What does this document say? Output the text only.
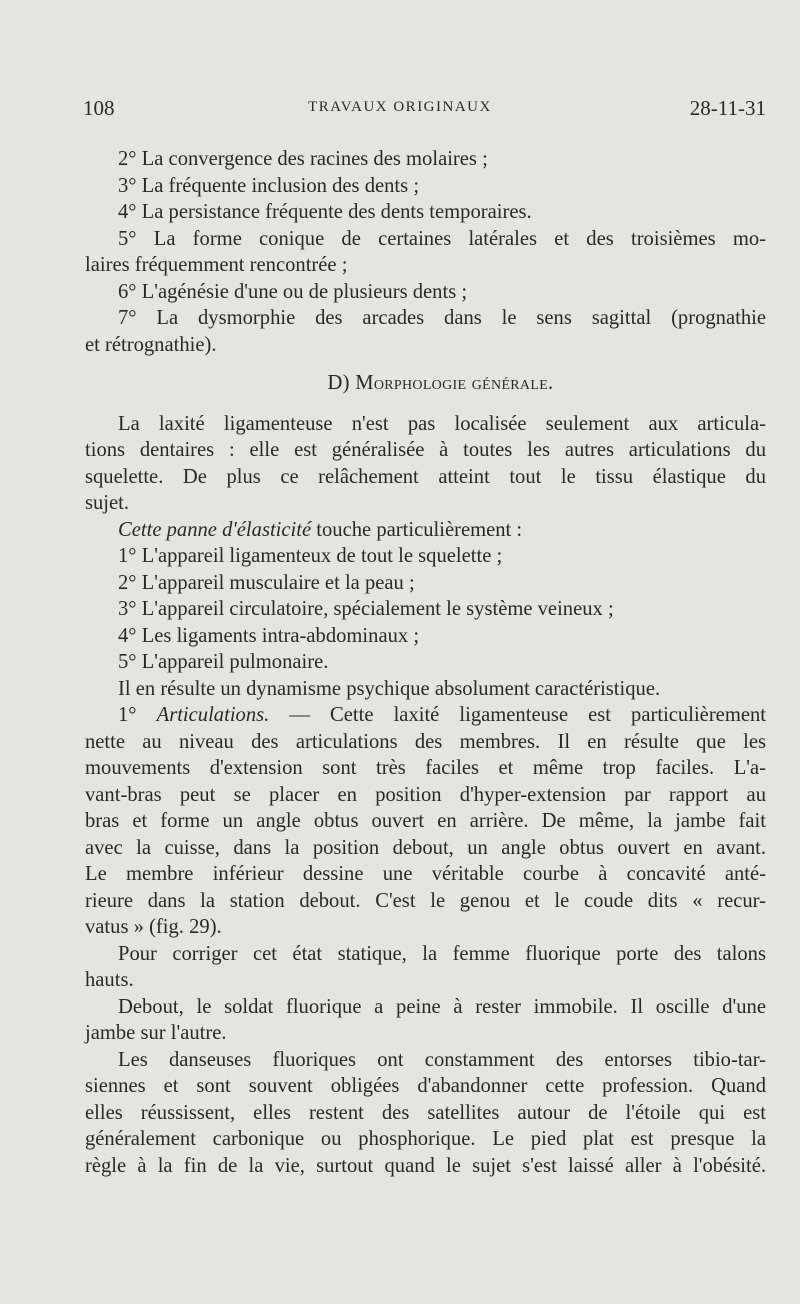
108	TRAVAUX ORIGINAUX	28-11-31
2° La convergence des racines des molaires ;
3° La fréquente inclusion des dents ;
4° La persistance fréquente des dents temporaires.
5° La forme conique de certaines latérales et des troisièmes mo-
laires fréquemment rencontrée ;
6° L'agénésie d'une ou de plusieurs dents ;
7° La dysmorphie des arcades dans le sens sagittal (prognathie
et rétrognathie).
D) Morphologie générale.
La laxité ligamenteuse n'est pas localisée seulement aux articula-
tions dentaires : elle est généralisée à toutes les autres articulations du
squelette. De plus ce relâchement atteint tout le tissu élastique du
sujet.
Cette panne d'élasticité touche particulièrement :
1° L'appareil ligamenteux de tout le squelette ;
2° L'appareil musculaire et la peau ;
3° L'appareil circulatoire, spécialement le système veineux ;
4° Les ligaments intra-abdominaux ;
5° L'appareil pulmonaire.
Il en résulte un dynamisme psychique absolument caractéristique.
1° Articulations. — Cette laxité ligamenteuse est particulièrement
nette au niveau des articulations des membres. Il en résulte que les
mouvements d'extension sont très faciles et même trop faciles. L'a-
vant-bras peut se placer en position d'hyper-extension par rapport au
bras et forme un angle obtus ouvert en arrière. De même, la jambe fait
avec la cuisse, dans la position debout, un angle obtus ouvert en avant.
Le membre inférieur dessine une véritable courbe à concavité anté-
rieure dans la station debout. C'est le genou et le coude dits « recur-
vatus » (fig. 29).
Pour corriger cet état statique, la femme fluorique porte des talons
hauts.
Debout, le soldat fluorique a peine à rester immobile. Il oscille d'une
jambe sur l'autre.
Les danseuses fluoriques ont constamment des entorses tibio-tar-
siennes et sont souvent obligées d'abandonner cette profession. Quand
elles réussissent, elles restent des satellites autour de l'étoile qui est
généralement carbonique ou phosphorique. Le pied plat est presque la
règle à la fin de la vie, surtout quand le sujet s'est laissé aller à l'obésité.
